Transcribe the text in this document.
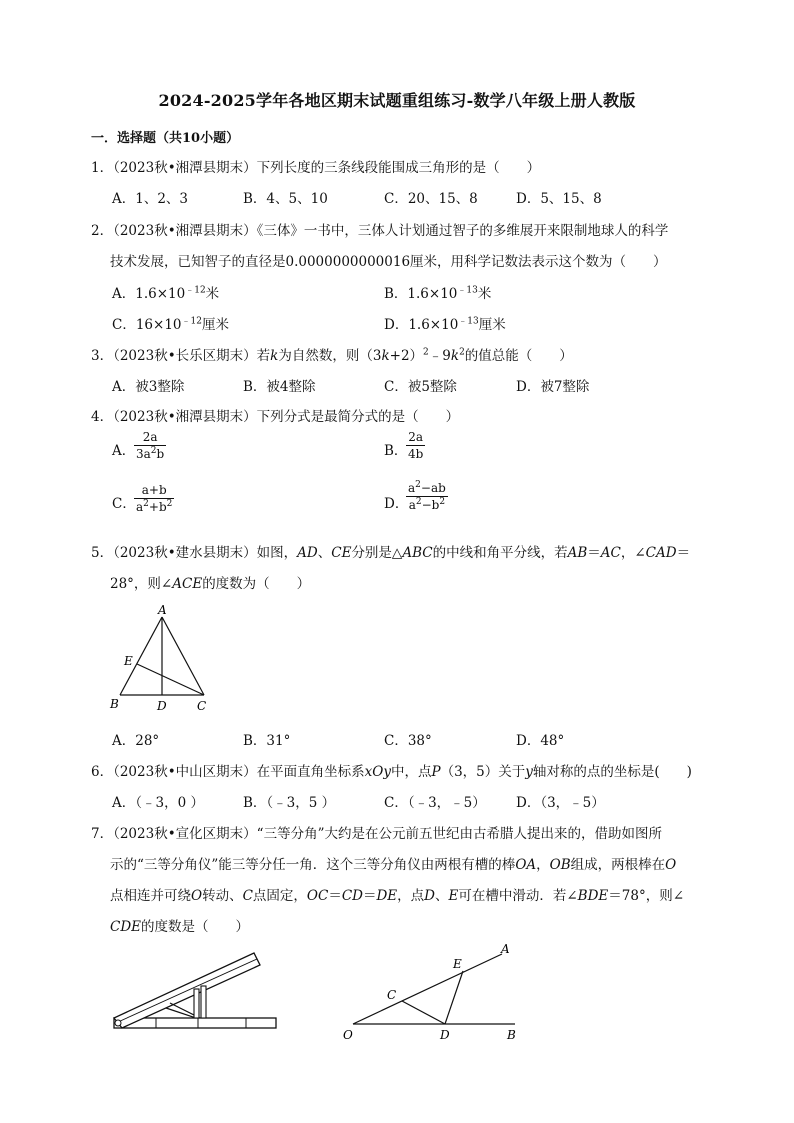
2024-2025学年各地区期末试题重组练习-数学八年级上册人教版
一．选择题（共10小题）
1．（2023秋•湘潭县期末）下列长度的三条线段能围成三角形的是（　　）
A．1、2、3	B．4、5、10	C．20、15、8	D．5、15、8
2．（2023秋•湘潭县期末）《三体》一书中，三体人计划通过智子的多维展开来限制地球人的科学
技术发展，已知智子的直径是0.0000000000016厘米，用科学记数法表示这个数为（　　）
A．$1.6\times 10^{﹣12}$米	B．$1.6\times 10^{﹣13}$米
C．$16\times 10^{﹣12}$厘米	D．$1.6\times 10^{﹣13}$厘米
3．（2023秋•长乐区期末）若k为自然数，则$(3k+2)^2﹣9k^2$的值总能（　　）
A．被3整除	B．被4整除	C．被5整除	D．被7整除
4．（2023秋•湘潭县期末）下列分式是最简分式的是（　　）
A．
2a
$3a^2b$	B．
2a
4b
C．
a+b
$a^2+b^2$	D．
$a^2-ab$
$a^2-b^2$
5．（2023秋•建水县期末）如图，AD、CE分别是△ABC的中线和角平分线，若AB＝AC，∠CAD＝
28°，则∠ACE的度数为（　　）
A
B	C
D
E
A．28°	B．31°	C．38°	D．48°
6．（2023秋•中山区期末）在平面直角坐标系xOy中，点P（3，5）关于y轴对称的点的坐标是(　　)
A．（﹣3，0 ）	B．（﹣3，5 ）	C．（﹣3，﹣5） D．（3，﹣5）
7．（2023秋•宣化区期末）“三等分角”大约是在公元前五世纪由古希腊人提出来的，借助如图所
示的“三等分角仪”能三等分任一角．这个三等分角仪由两根有槽的棒OA，OB组成，两根棒在O
点相连并可绕O转动、C点固定，OC＝CD＝DE，点D、E可在槽中滑动．若∠BDE＝78°，则∠
CDE的度数是（　　）
O
A
B
C
D
E
